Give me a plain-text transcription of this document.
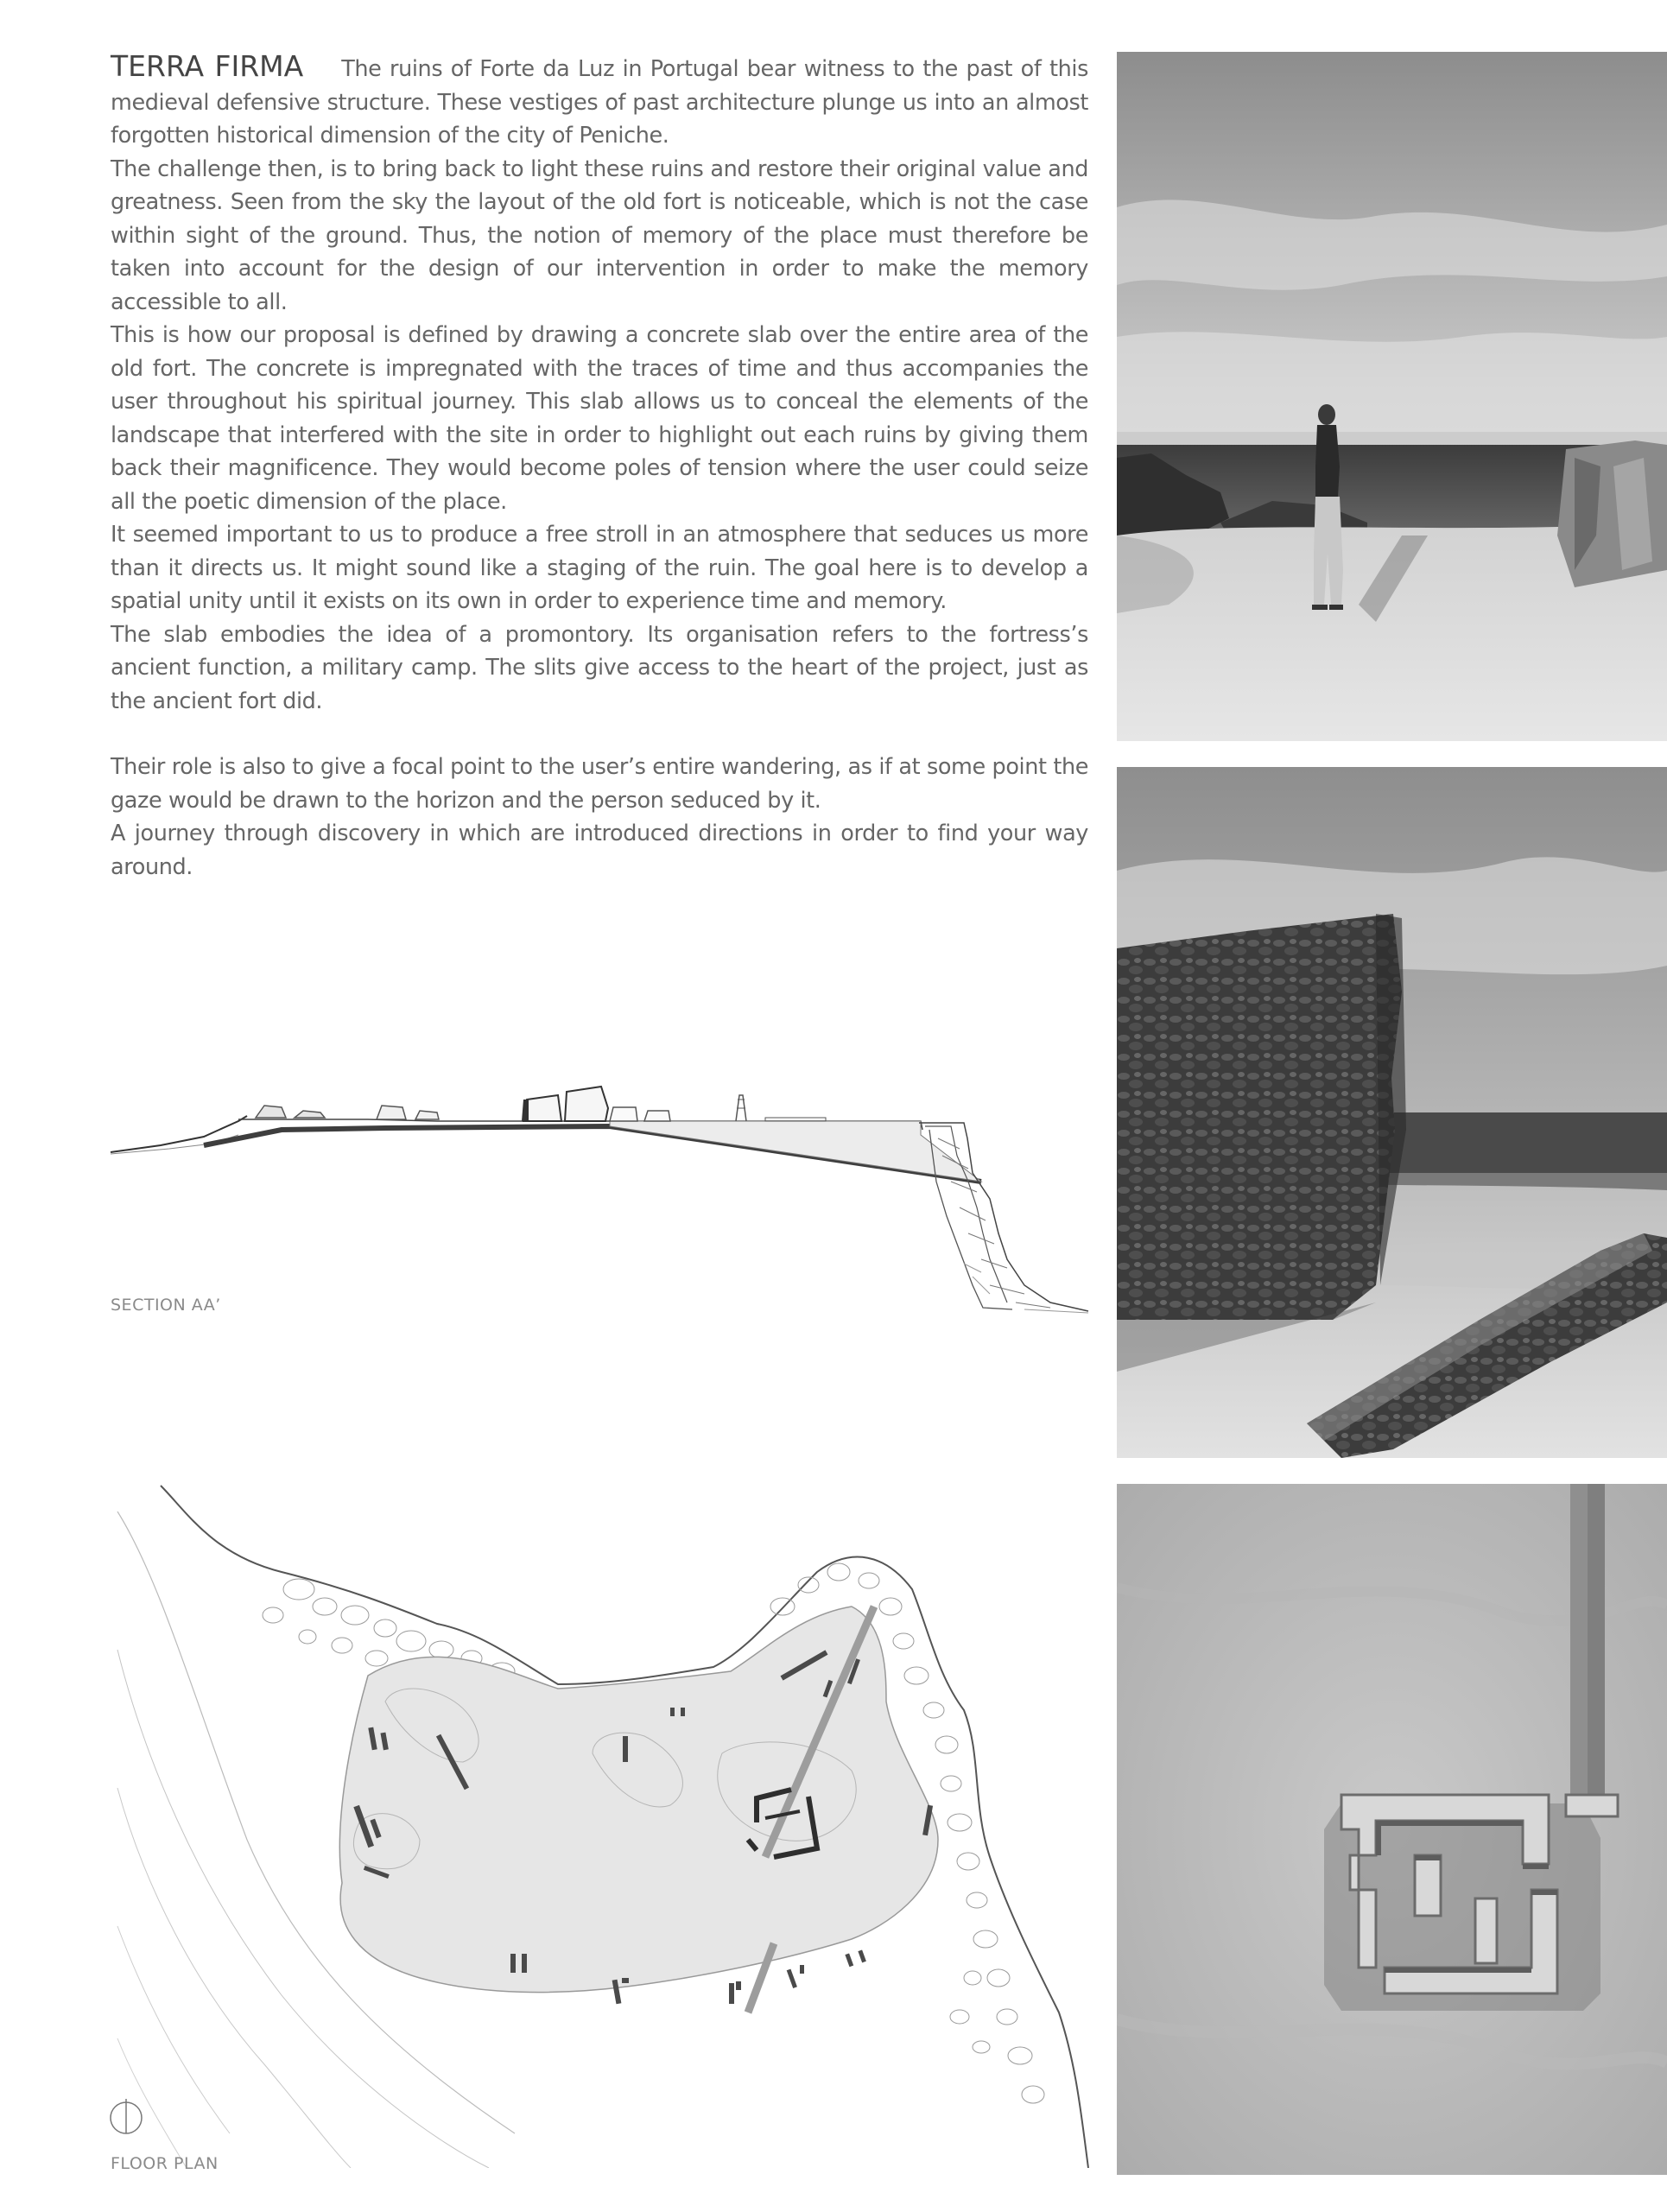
TERRA FIRMA The ruins of Forte da Luz in Portugal bear witness to the past of this medieval defensive structure. These vestiges of past architecture plunge us into an almost forgotten historical dimension of the city of Peniche.

The challenge then, is to bring back to light these ruins and restore their original value and greatness. Seen from the sky the layout of the old fort is noticeable, which is not the case within sight of the ground. Thus, the notion of memory of the place must therefore be taken into account for the design of our intervention in order to make the memory accessible to all.

This is how our proposal is defined by drawing a concrete slab over the entire area of the old fort. The concrete is impregnated with the traces of time and thus accompanies the user throughout his spiritual journey. This slab allows us to conceal the elements of the landscape that interfered with the site in order to highlight out each ruins by giving them back their magnificence. They would become poles of tension where the user could seize all the poetic dimension of the place.

It seemed important to us to produce a free stroll in an atmosphere that seduces us more than it directs us. It might sound like a staging of the ruin. The goal here is to develop a spatial unity until it exists on its own in order to experience time and memory.

The slab embodies the idea of a promontory. Its organisation refers to the fortress’s ancient function, a military camp. The slits give access to the heart of the project, just as the ancient fort did.

Their role is also to give a focal point to the user’s entire wandering, as if at some point the gaze would be drawn to the horizon and the person seduced by it.

A journey through discovery in which are introduced directions in order to find your way around.

SECTION AA’
FLOOR PLAN
